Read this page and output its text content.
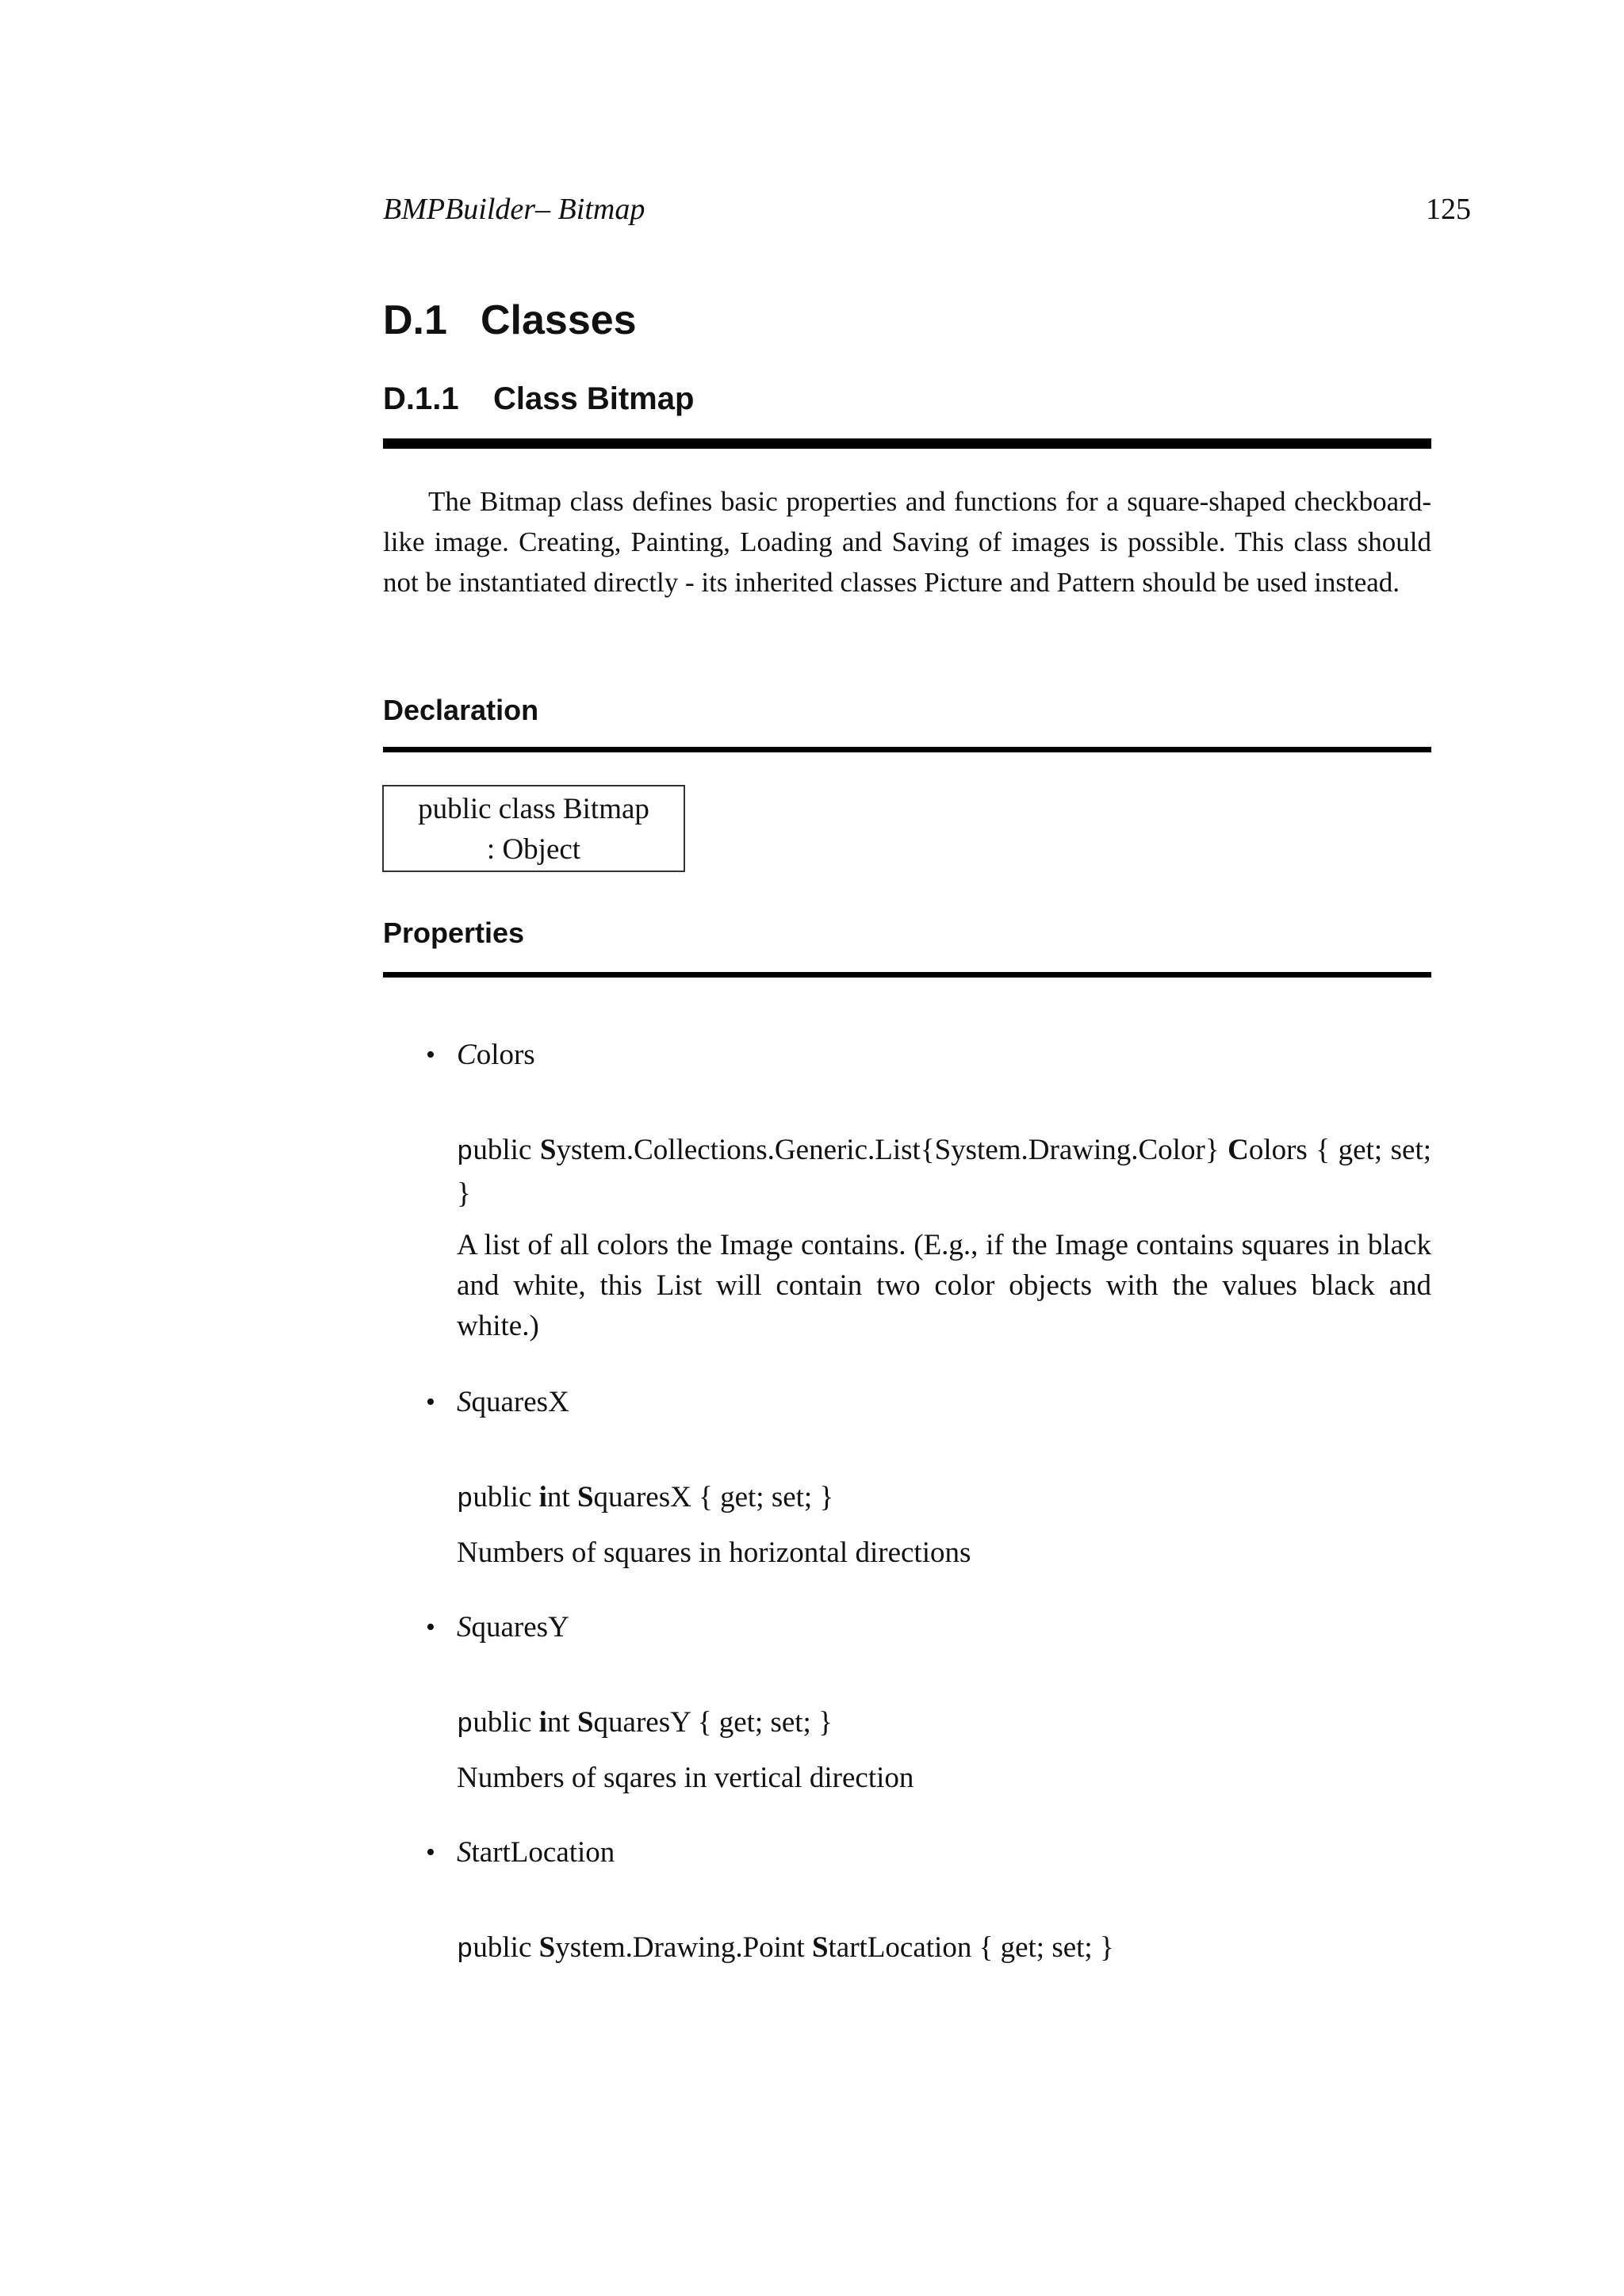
BMPBuilder– Bitmap	125
D.1 Classes
D.1.1 Class Bitmap

The Bitmap class defines basic properties and functions for a square-shaped checkboard-like image. Creating, Painting, Loading and Saving of images is possible. This class should not be instantiated directly - its inherited classes Picture and Pattern should be used instead.

Declaration
public class Bitmap
: Object
Properties
• Colors

public System.Collections.Generic.List{System.Drawing.Color} Colors { get; set; }

A list of all colors the Image contains. (E.g., if the Image contains squares in black and white, this List will contain two color objects with the values black and white.)

• SquaresX

public int SquaresX { get; set; }

Numbers of squares in horizontal directions

• SquaresY

public int SquaresY { get; set; }

Numbers of sqares in vertical direction

• StartLocation

public System.Drawing.Point StartLocation { get; set; }
